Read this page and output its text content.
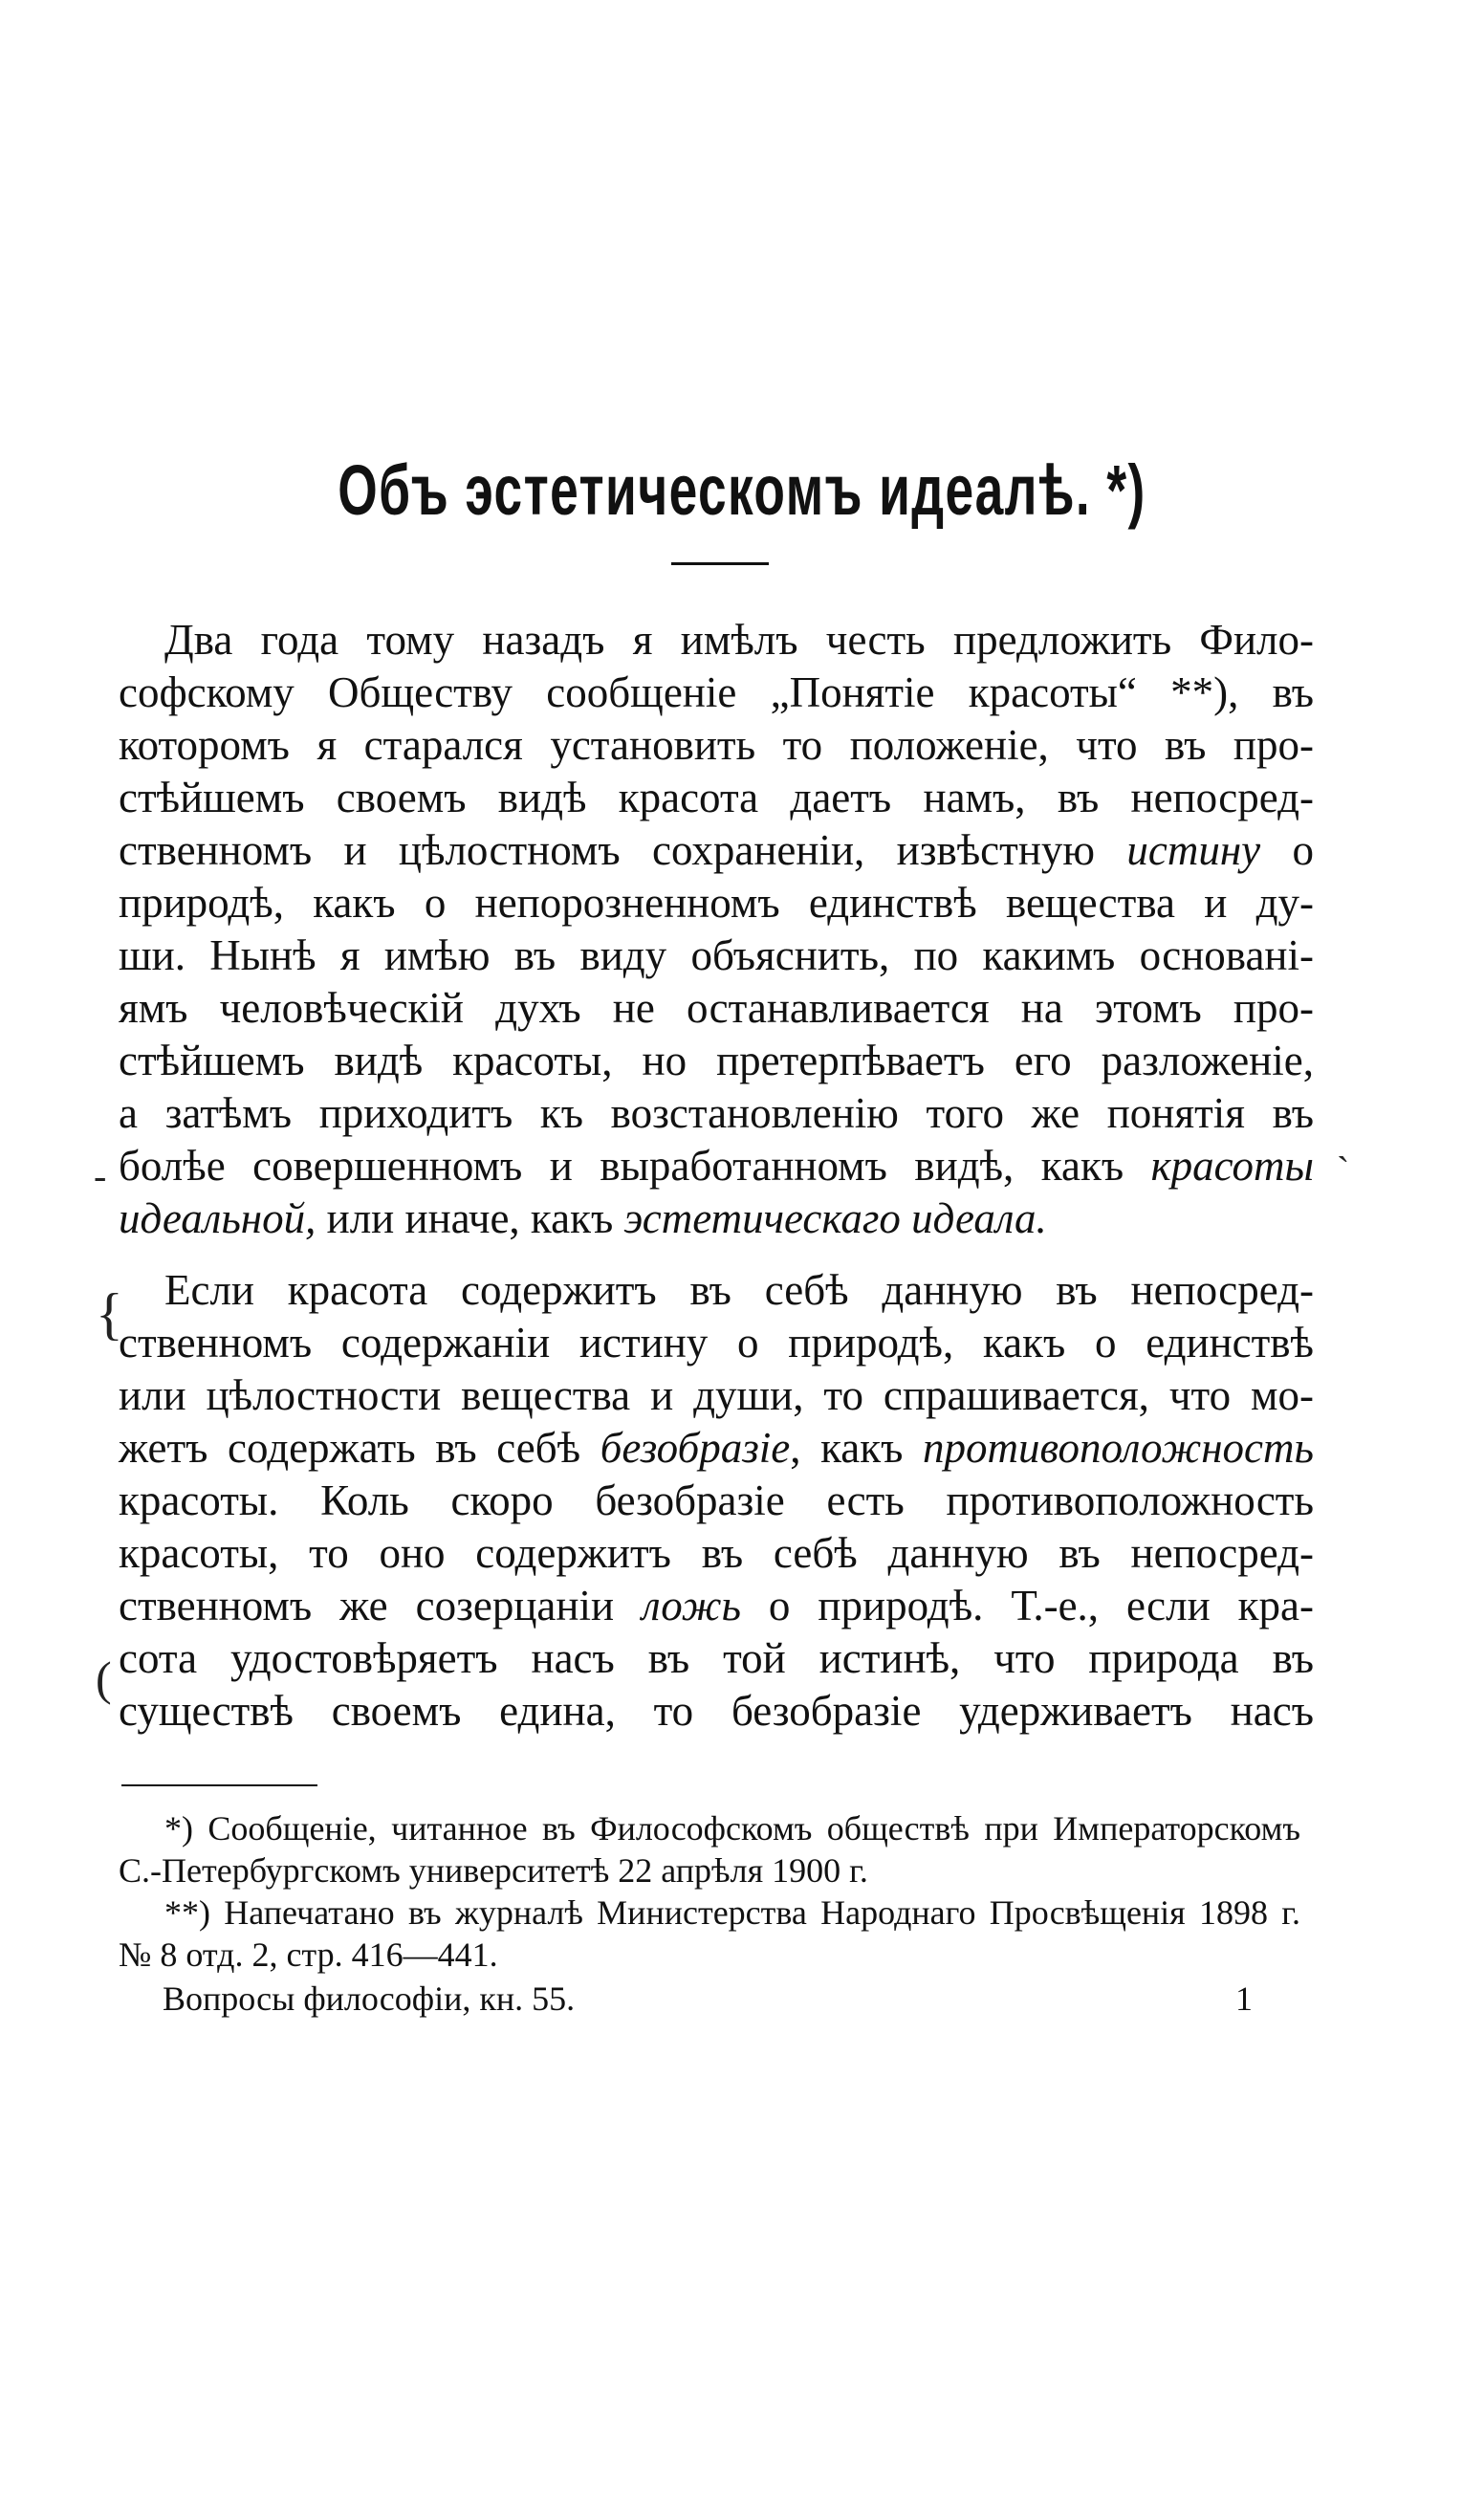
Объ эстетическомъ идеалѣ. *)
Два года тому назадъ я имѣлъ честь предложить Фило-
софскому Обществу сообщенiе „Понятiе красоты“ **), въ
которомъ я старался установить то положенiе, что въ про-
стѣйшемъ своемъ видѣ красота даетъ намъ, въ непосред-
ственномъ и цѣлостномъ сохраненiи, извѣстную истину о
природѣ, какъ о непорозненномъ единствѣ вещества и ду-
ши. Нынѣ я имѣю въ виду объяснить, по какимъ основанi-
ямъ человѣческiй духъ не останавливается на этомъ про-
стѣйшемъ видѣ красоты, но претерпѣваетъ его разложенiе,
а затѣмъ приходитъ къ возстановленiю того же понятiя въ
болѣе совершенномъ и выработанномъ видѣ, какъ красоты
идеальной, или иначе, какъ эстетическаго идеала.
Если красота содержитъ въ себѣ данную въ непосред-
ственномъ содержанiи истину о природѣ, какъ о единствѣ
или цѣлостности вещества и души, то спрашивается, что мо-
жетъ содержать въ себѣ безобразiе, какъ противоположность
красоты. Коль скоро безобразiе есть противоположность
красоты, то оно содержитъ въ себѣ данную въ непосред-
ственномъ же созерцанiи ложь о природѣ. Т.-е., если кра-
сота удостовѣряетъ насъ въ той истинѣ, что природа въ
существѣ своемъ едина, то безобразiе удерживаетъ насъ
-	`
{
(
*) Сообщенiе, читанное въ Философскомъ обществѣ при Императорскомъ
С.-Петербургскомъ университетѣ 22 апрѣля 1900 г.
**) Напечатано въ журналѣ Министерства Народнаго Просвѣщенiя 1898 г.
№ 8 отд. 2, стр. 416—441.
Вопросы философiи, кн. 55.	1
